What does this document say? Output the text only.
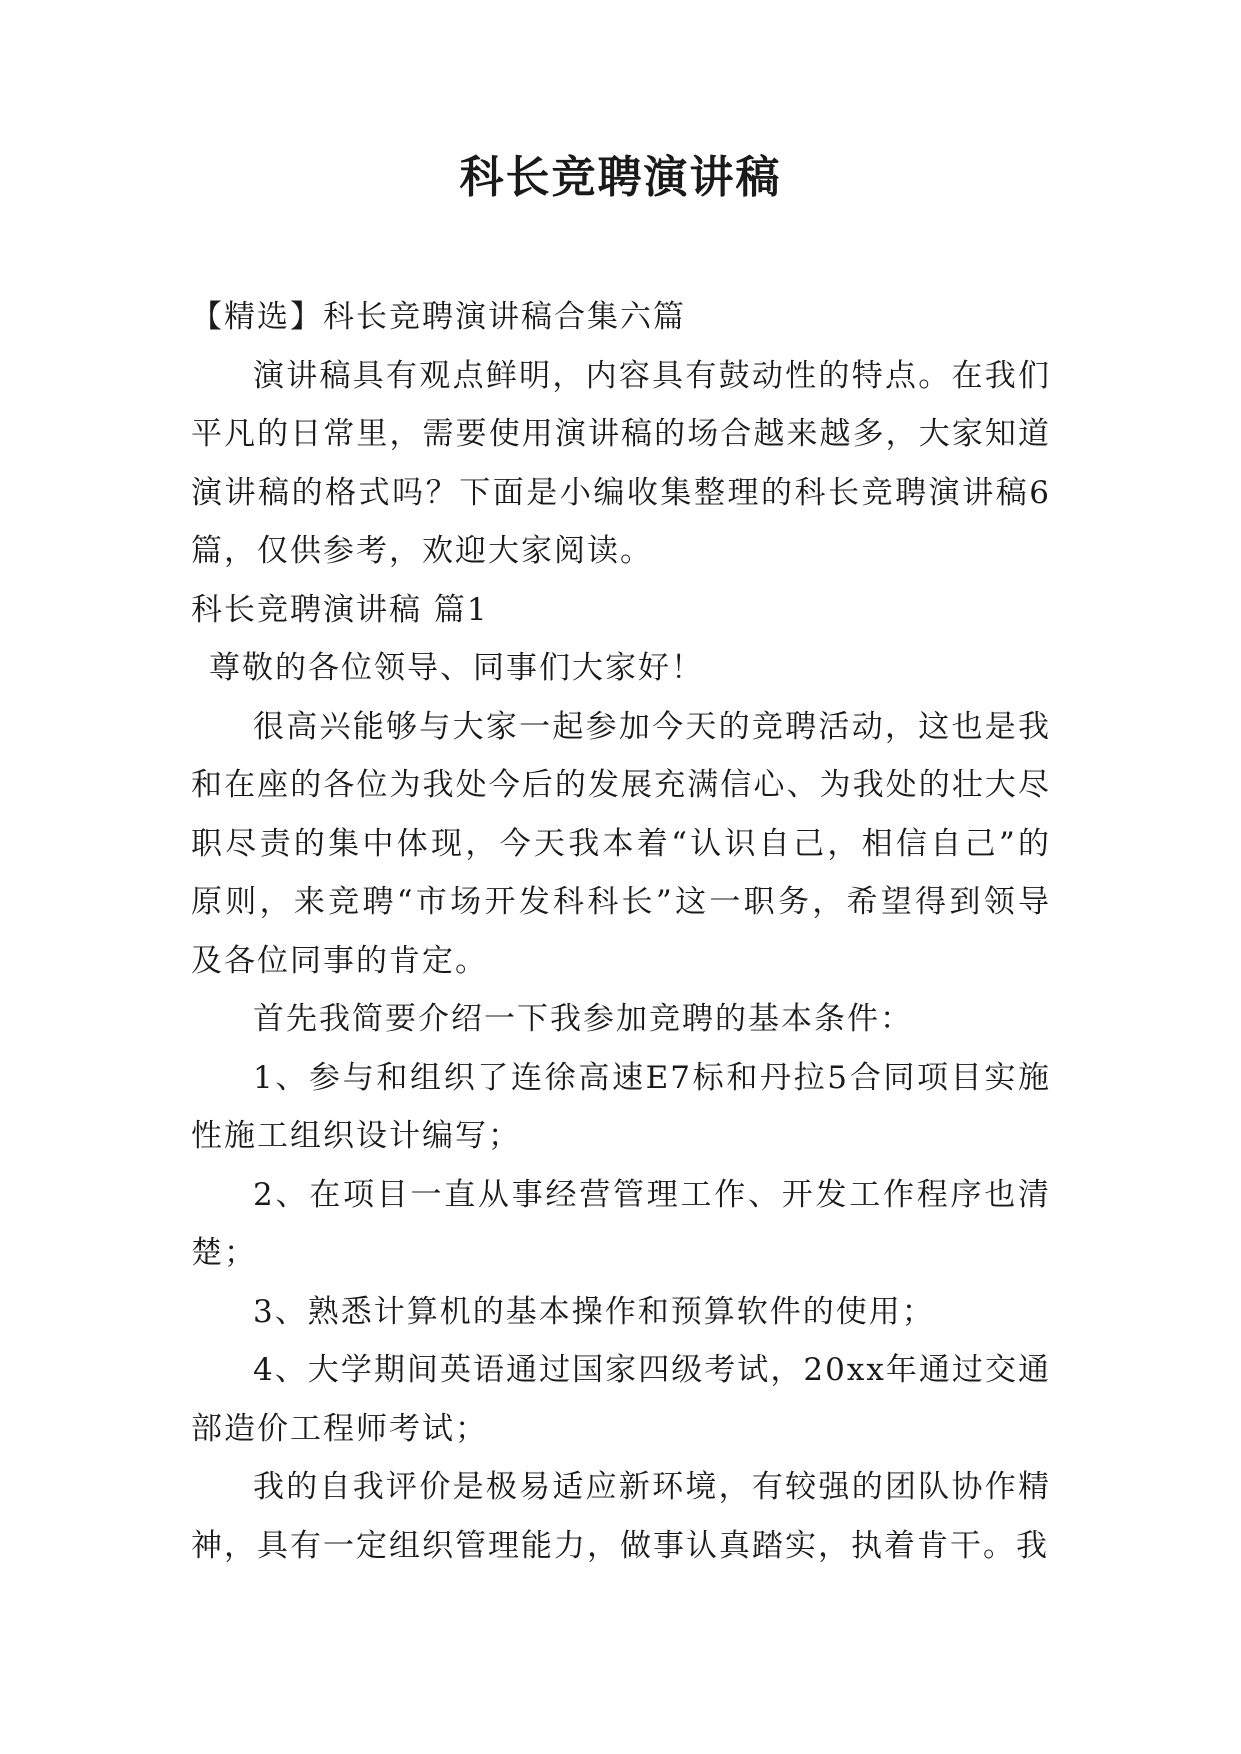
科长竞聘演讲稿

【精选】科长竞聘演讲稿合集六篇

演讲稿具有观点鲜明，内容具有鼓动性的特点。在我们平凡的日常里，需要使用演讲稿的场合越来越多，大家知道演讲稿的格式吗？下面是小编收集整理的科长竞聘演讲稿6篇，仅供参考，欢迎大家阅读。

科长竞聘演讲稿 篇1

尊敬的各位领导、同事们大家好！

很高兴能够与大家一起参加今天的竞聘活动，这也是我和在座的各位为我处今后的发展充满信心、为我处的壮大尽职尽责的集中体现，今天我本着“认识自己，相信自己”的原则，来竞聘“市场开发科科长”这一职务，希望得到领导及各位同事的肯定。

首先我简要介绍一下我参加竞聘的基本条件：

1、参与和组织了连徐高速E7标和丹拉5合同项目实施性施工组织设计编写；

2、在项目一直从事经营管理工作、开发工作程序也清楚；

3、熟悉计算机的基本操作和预算软件的使用；

4、大学期间英语通过国家四级考试，20xx年通过交通部造价工程师考试；

我的自我评价是极易适应新环境，有较强的团队协作精神，具有一定组织管理能力，做事认真踏实，执着肯干。我
